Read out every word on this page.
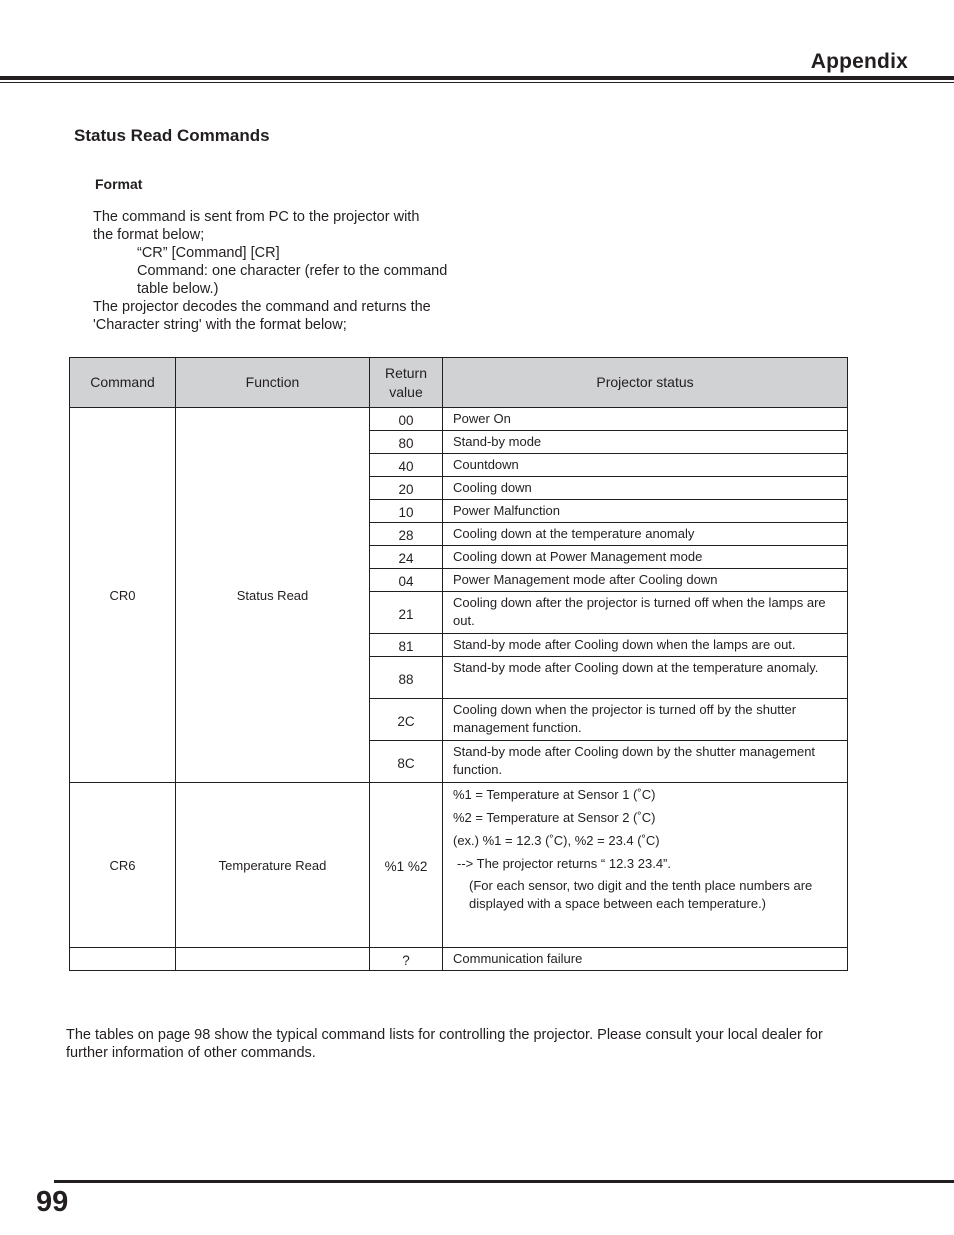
Appendix
Status Read Commands
Format
The command is sent from PC to the projector with
the format below;
“CR” [Command] [CR]
Command: one character (refer to the command
table below.)
The projector decodes the command and returns the
'Character string' with the format below;
Command	Function	Return value	Projector status
CR0	Status Read	00	Power On
		80	Stand-by mode
		40	Countdown
		20	Cooling down
		10	Power Malfunction
		28	Cooling down at the temperature anomaly
		24	Cooling down at Power Management mode
		04	Power Management mode after Cooling down
		21	Cooling down after the projector is turned off when the lamps are out.
		81	Stand-by mode after Cooling down when the lamps are out.
		88	Stand-by mode after Cooling down at the temperature anomaly.
		2C	Cooling down when the projector is turned off by the shutter management function.
		8C	Stand-by mode after Cooling down by the shutter management function.
CR6	Temperature Read	%1 %2	%1 = Temperature at Sensor 1 (˚C)
%2 = Temperature at Sensor 2 (˚C)
(ex.) %1 = 12.3 (˚C), %2 = 23.4 (˚C)
--> The projector returns “ 12.3 23.4”.
(For each sensor, two digit and the tenth place numbers are displayed with a space between each temperature.)

		?	Communication failure
The tables on page 98 show the typical command lists for controlling the projector. Please consult your local dealer for further information of other commands.
99
